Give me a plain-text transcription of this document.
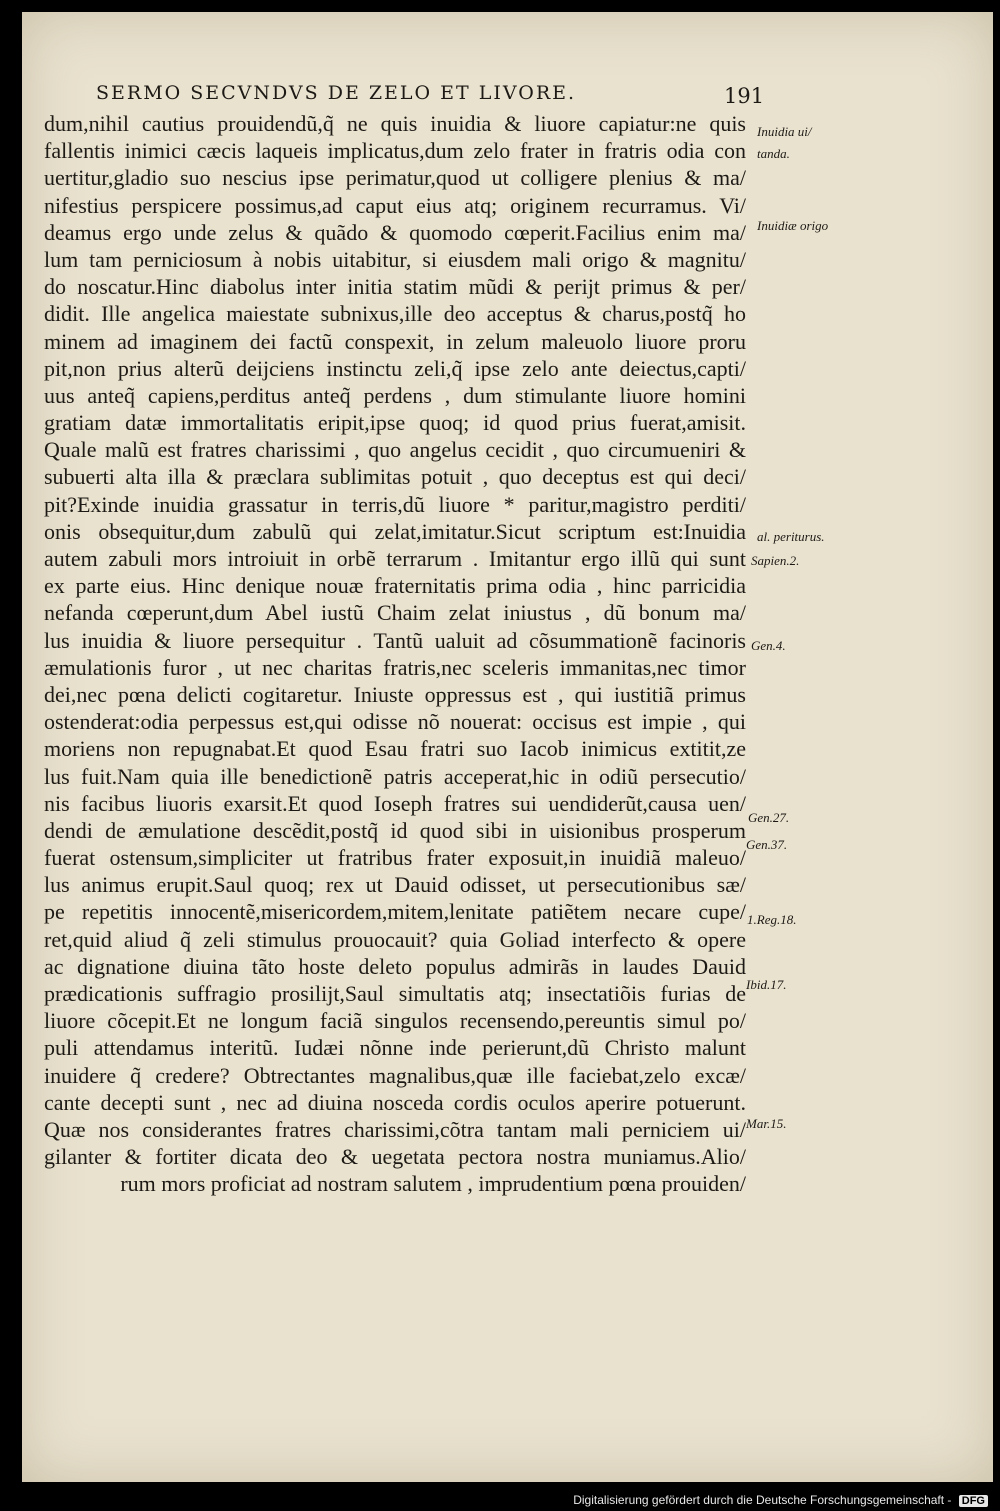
SERMO SECVNDVS DE ZELO ET LIVORE.	191
dum,nihil cautius prouidendũ,q̃ ne quis inuidia & liuore capiatur:ne quis
fallentis inimici cæcis laqueis implicatus,dum zelo frater in fratris odia con
uertitur,gladio suo nescius ipse perimatur,quod ut colligere plenius & ma/
nifestius perspicere possimus,ad caput eius atq; originem recurramus. Vi/
deamus ergo unde zelus & quãdo & quomodo cœperit.Facilius enim ma/
lum tam perniciosum à nobis uitabitur, si eiusdem mali origo & magnitu/
do noscatur.Hinc diabolus inter initia statim mũdi & perijt primus & per/
didit. Ille angelica maiestate subnixus,ille deo acceptus & charus,postq̃ ho
minem ad imaginem dei factũ conspexit, in zelum maleuolo liuore proru
pit,non prius alterũ deijciens instinctu zeli,q̃ ipse zelo ante deiectus,capti/
uus anteq̃ capiens,perditus anteq̃ perdens , dum stimulante liuore homini
gratiam datæ immortalitatis eripit,ipse quoq; id quod prius fuerat,amisit.
Quale malũ est fratres charissimi , quo angelus cecidit , quo circumueniri &
subuerti alta illa & præclara sublimitas potuit , quo deceptus est qui deci/
pit?Exinde inuidia grassatur in terris,dũ liuore * paritur,magistro perditi/
onis obsequitur,dum zabulũ qui zelat,imitatur.Sicut scriptum est:Inuidia
autem zabuli mors introiuit in orbẽ terrarum . Imitantur ergo illũ qui sunt
ex parte eius. Hinc denique nouæ fraternitatis prima odia , hinc parricidia
nefanda cœperunt,dum Abel iustũ Chaim zelat iniustus , dũ bonum ma/
lus inuidia & liuore persequitur . Tantũ ualuit ad cõsummationẽ facinoris
æmulationis furor , ut nec charitas fratris,nec sceleris immanitas,nec timor
dei,nec pœna delicti cogitaretur. Iniuste oppressus est , qui iustitiã primus
ostenderat:odia perpessus est,qui odisse nõ nouerat: occisus est impie , qui
moriens non repugnabat.Et quod Esau fratri suo Iacob inimicus extitit,ze
lus fuit.Nam quia ille benedictionẽ patris acceperat,hic in odiũ persecutio/
nis facibus liuoris exarsit.Et quod Ioseph fratres sui uendiderũt,causa uen/
dendi de æmulatione descẽdit,postq̃ id quod sibi in uisionibus prosperum
fuerat ostensum,simpliciter ut fratribus frater exposuit,in inuidiã maleuo/
lus animus erupit.Saul quoq; rex ut Dauid odisset, ut persecutionibus sæ/
pe repetitis innocentẽ,misericordem,mitem,lenitate patiẽtem necare cupe/
ret,quid aliud q̃ zeli stimulus prouocauit? quia Goliad interfecto & opere
ac dignatione diuina tãto hoste deleto populus admirãs in laudes Dauid
prædicationis suffragio prosilijt,Saul simultatis atq; insectatiõis furias de
liuore cõcepit.Et ne longum faciã singulos recensendo,pereuntis simul po/
puli attendamus interitũ. Iudæi nõnne inde perierunt,dũ Christo malunt
inuidere q̃ credere? Obtrectantes magnalibus,quæ ille faciebat,zelo excæ/
cante decepti sunt , nec ad diuina nosceda cordis oculos aperire potuerunt.
Quæ nos considerantes fratres charissimi,cõtra tantam mali perniciem ui/
gilanter & fortiter dicata deo & uegetata pectora nostra muniamus.Alio/
rum mors proficiat ad nostram salutem , imprudentium pœna prouiden/
Inuidia ui/
tanda.
Inuidiæ origo
al. periturus.
Sapien.2.
Gen.4.
Gen.27.
Gen.37.
1.Reg.18.
Ibid.17.
Mar.15.
Digitalisierung gefördert durch die Deutsche Forschungsgemeinschaft - DFG
